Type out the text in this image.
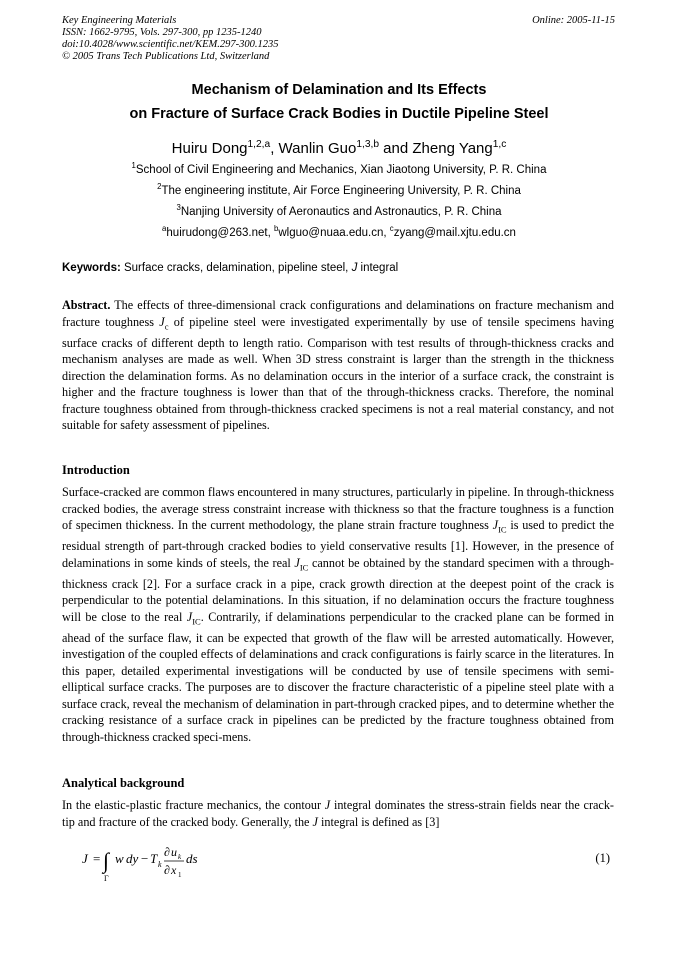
Key Engineering Materials
ISSN: 1662-9795, Vols. 297-300, pp 1235-1240
doi:10.4028/www.scientific.net/KEM.297-300.1235
© 2005 Trans Tech Publications Ltd, Switzerland
Online: 2005-11-15
Mechanism of Delamination and Its Effects
on Fracture of Surface Crack Bodies in Ductile Pipeline Steel
Huiru Dong$^{1,2,a}$, Wanlin Guo$^{1,3,b}$ and Zheng Yang$^{1,c}$
$^1$School of Civil Engineering and Mechanics, Xian Jiaotong University, P. R. China
$^2$The engineering institute, Air Force Engineering University, P. R. China
$^3$Nanjing University of Aeronautics and Astronautics, P. R. China
$^a$huirudong@263.net, $^b$wlguo@nuaa.edu.cn, $^c$zyang@mail.xjtu.edu.cn
Keywords: Surface cracks, delamination, pipeline steel, J integral
Abstract. The effects of three-dimensional crack configurations and delaminations on fracture mechanism and fracture toughness $J_c$ of pipeline steel were investigated experimentally by use of tensile specimens having surface cracks of different depth to length ratio. Comparison with test results of through-thickness cracks and mechanism analyses are made as well. When 3D stress constraint is larger than the strength in the thickness direction the delamination forms. As no delamination occurs in the interior of a surface crack, the constraint is higher and the fracture toughness is lower than that of the through-thickness cracks. Therefore, the nominal fracture toughness obtained from through-thickness cracked specimens is not a real material constancy, and not suitable for safety assessment of pipelines.
Introduction
Surface-cracked are common flaws encountered in many structures, particularly in pipeline. In through-thickness cracked bodies, the average stress constraint increase with thickness so that the fracture toughness is a function of specimen thickness. In the current methodology, the plane strain fracture toughness $J_{IC}$ is used to predict the residual strength of part-through cracked bodies to yield conservative results [1]. However, in the presence of delaminations in some kinds of steels, the real $J_{IC}$ cannot be obtained by the standard specimen with a through-thickness crack [2]. For a surface crack in a pipe, crack growth direction at the deepest point of the crack is perpendicular to the potential delaminations. In this situation, if no delamination occurs the fracture toughness will be close to the real $J_{IC}$. Contrarily, if delaminations perpendicular to the cracked plane can be formed in ahead of the surface flaw, it can be expected that growth of the flaw will be arrested automatically. However, investigation of the coupled effects of delaminations and crack configurations is fairly scarce in the literatures. In this paper, detailed experimental investigations will be conducted by use of tensile specimens with semi-elliptical surface cracks. The purposes are to discover the fracture characteristic of a pipeline steel plate with a surface crack, reveal the mechanism of delamination in part-through cracked pipes, and to determine whether the cracking resistance of a surface crack in pipelines can be predicted by the fracture toughness obtained from through-thickness cracked speci-mens.
Analytical background
In the elastic-plastic fracture mechanics, the contour J integral dominates the stress-strain fields near the crack-tip and fracture of the cracked body. Generally, the J integral is defined as [3]
J = ∫
Γ
w dy − T k
∂ u k
∂ x 1
ds	(1)
